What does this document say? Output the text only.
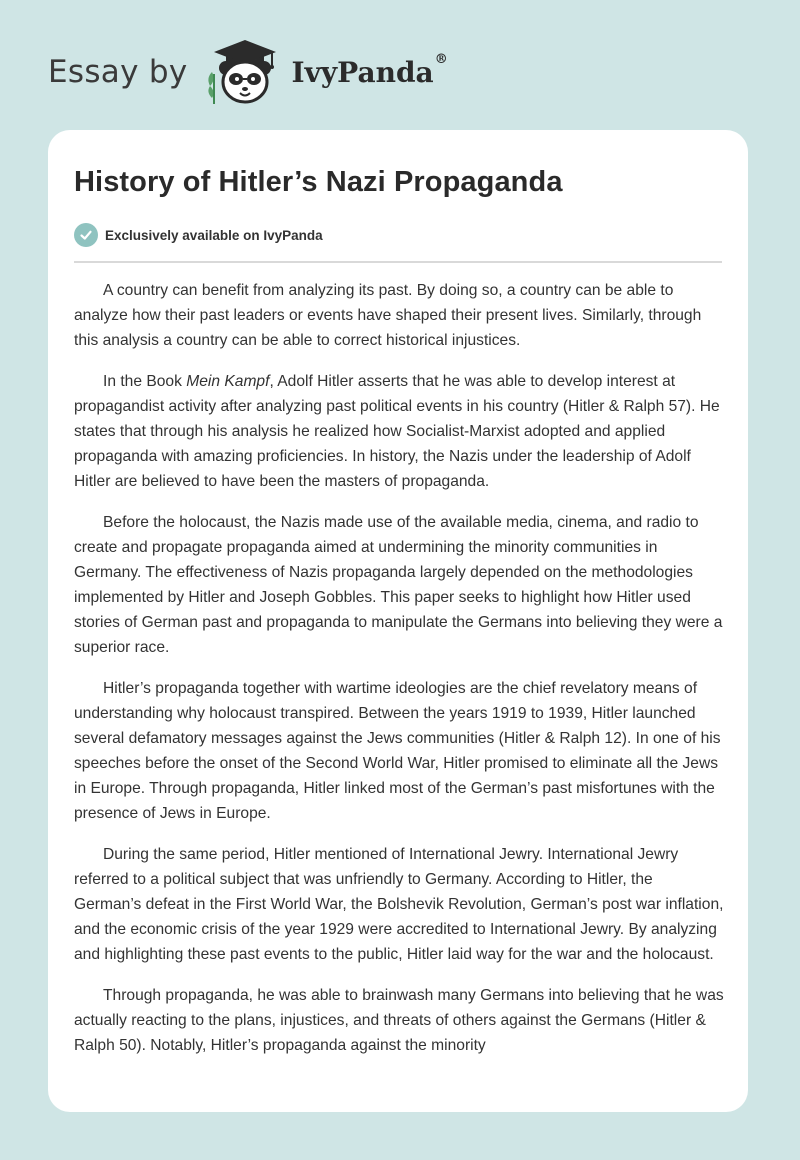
Essay by	IvyPanda®
History of Hitler’s Nazi Propaganda
Exclusively available on IvyPanda

A country can benefit from analyzing its past. By doing so, a country can be able to analyze how their past leaders or events have shaped their present lives. Similarly, through this analysis a country can be able to correct historical injustices.

In the Book Mein Kampf, Adolf Hitler asserts that he was able to develop interest at propagandist activity after analyzing past political events in his country (Hitler & Ralph 57). He states that through his analysis he realized how Socialist-Marxist adopted and applied propaganda with amazing proficiencies. In history, the Nazis under the leadership of Adolf Hitler are believed to have been the masters of propaganda.

Before the holocaust, the Nazis made use of the available media, cinema, and radio to create and propagate propaganda aimed at undermining the minority communities in Germany. The effectiveness of Nazis propaganda largely depended on the methodologies implemented by Hitler and Joseph Gobbles. This paper seeks to highlight how Hitler used stories of German past and propaganda to manipulate the Germans into believing they were a superior race.

Hitler’s propaganda together with wartime ideologies are the chief revelatory means of understanding why holocaust transpired. Between the years 1919 to 1939, Hitler launched several defamatory messages against the Jews communities (Hitler & Ralph 12). In one of his speeches before the onset of the Second World War, Hitler promised to eliminate all the Jews in Europe. Through propaganda, Hitler linked most of the German’s past misfortunes with the presence of Jews in Europe.

During the same period, Hitler mentioned of International Jewry. International Jewry referred to a political subject that was unfriendly to Germany. According to Hitler, the German’s defeat in the First World War, the Bolshevik Revolution, German’s post war inflation, and the economic crisis of the year 1929 were accredited to International Jewry. By analyzing and highlighting these past events to the public, Hitler laid way for the war and the holocaust.

Through propaganda, he was able to brainwash many Germans into believing that he was actually reacting to the plans, injustices, and threats of others against the Germans (Hitler & Ralph 50). Notably, Hitler’s propaganda against the minority
